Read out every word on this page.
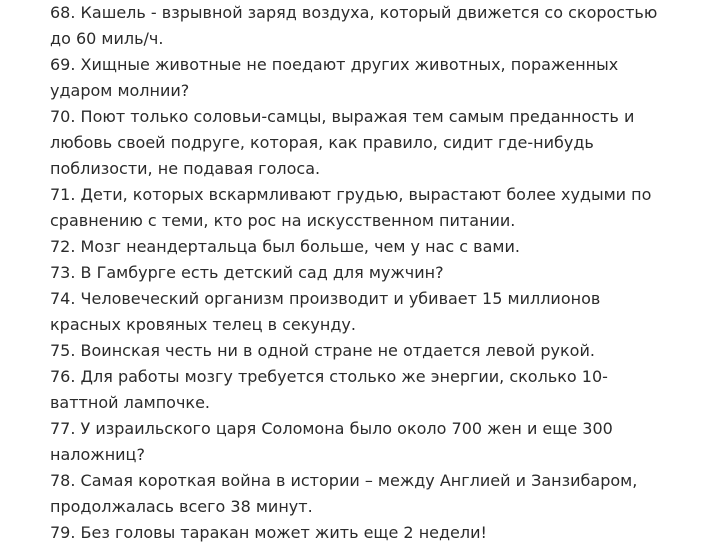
68. Кашель - взрывной заряд воздуха, который движется со скоростью
до 60 миль/ч.
69. Хищные животные не поедают других животных, пораженных
ударом молнии?
70. Поют только соловьи-самцы, выражая тем самым преданность и
любовь своей подруге, которая, как правило, сидит где-нибудь
поблизости, не подавая голоса.
71. Дети, которых вскармливают грудью, вырастают более худыми по
сравнению с теми, кто рос на искусственном питании.
72. Мозг неандертальца был больше, чем у нас с вами.
73. В Гамбурге есть детский сад для мужчин?
74. Человеческий организм производит и убивает 15 миллионов
красных кровяных телец в секунду.
75. Воинская честь ни в одной стране не отдается левой рукой.
76. Для работы мозгу требуется столько же энергии, сколько 10-
ваттной лампочке.
77. У израильского царя Соломона было около 700 жен и еще 300
наложниц?
78. Самая короткая война в истории – между Англией и Занзибаром,
продолжалась всего 38 минут.
79. Без головы таракан может жить еще 2 недели!
